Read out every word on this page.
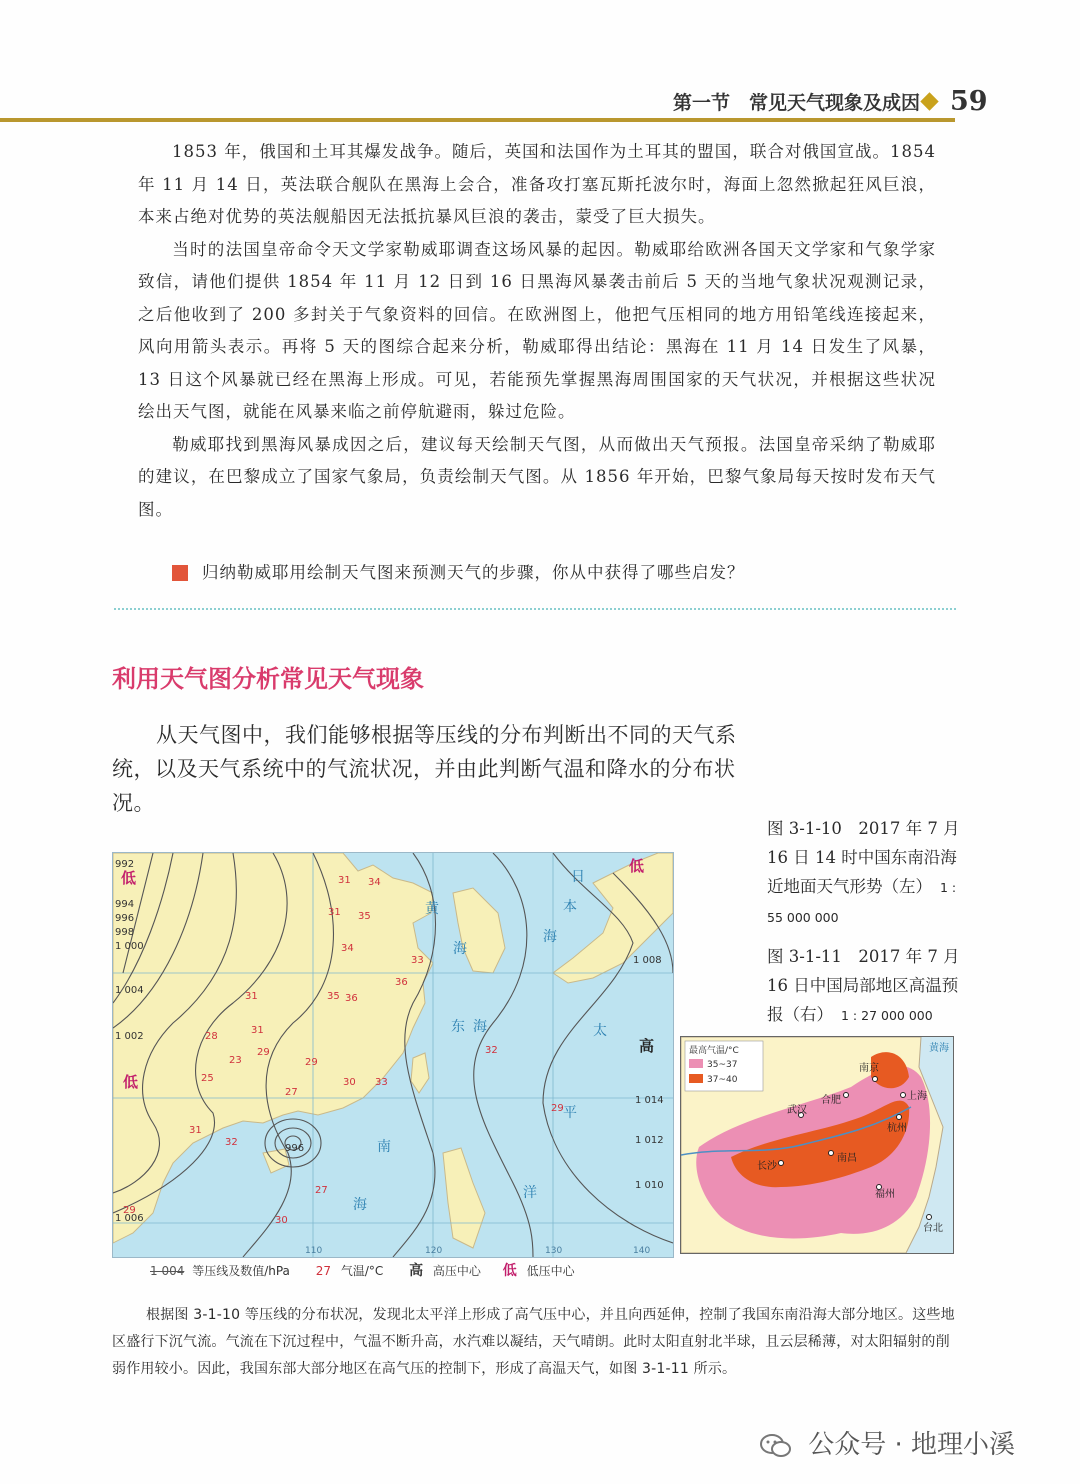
第一节　常见天气现象及成因 59

1853 年，俄国和土耳其爆发战争。随后，英国和法国作为土耳其的盟国，联合对俄国宣战。1854 年 11 月 14 日，英法联合舰队在黑海上会合，准备攻打塞瓦斯托波尔时，海面上忽然掀起狂风巨浪，本来占绝对优势的英法舰船因无法抵抗暴风巨浪的袭击，蒙受了巨大损失。

当时的法国皇帝命令天文学家勒威耶调查这场风暴的起因。勒威耶给欧洲各国天文学家和气象学家致信，请他们提供 1854 年 11 月 12 日到 16 日黑海风暴袭击前后 5 天的当地气象状况观测记录，之后他收到了 200 多封关于气象资料的回信。在欧洲图上，他把气压相同的地方用铅笔线连接起来，风向用箭头表示。再将 5 天的图综合起来分析，勒威耶得出结论：黑海在 11 月 14 日发生了风暴，13 日这个风暴就已经在黑海上形成。可见，若能预先掌握黑海周围国家的天气状况，并根据这些状况绘出天气图，就能在风暴来临之前停航避雨，躲过危险。

勒威耶找到黑海风暴成因之后，建议每天绘制天气图，从而做出天气预报。法国皇帝采纳了勒威耶的建议，在巴黎成立了国家气象局，负责绘制天气图。从 1856 年开始，巴黎气象局每天按时发布天气图。

归纳勒威耶用绘制天气图来预测天气的步骤，你从中获得了哪些启发？
利用天气图分析常见天气现象
从天气图中，我们能够根据等压线的分布判断出不同的天气系统，以及天气系统中的气流状况，并由此判断气温和降水的分布状况。
图 3-1-10　2017 年 7 月 16 日 14 时中国东南沿海近地面天气形势（左） 1 : 55 000 000
图 3-1-11　2017 年 7 月 16 日中国局部地区高温预报（右） 1 : 27 000 000
992
994
996
998
1 000
1 002
1 004
1 006
1 008
1 012
1 014
1 010
日
本
海
黄
海
东 海
南
海
太
平
洋
低
低
低
高
996
31 34
31 35
34
36
32
33
31	35 36
28
31
25
23
29
27
29
30 33
32
31
27
29
30
29
110	120	130	140
最高气温/°C
35~37
37~40
南京
合肥	上海
武汉
杭州
长沙
南昌
福州
台北
黄海
1 004 等压线及数值/hPa 27 气温/°C 高 高压中心 低 低压中心
根据图 3-1-10 等压线的分布状况，发现北太平洋上形成了高气压中心，并且向西延伸，控制了我国东南沿海大部分地区。这些地区盛行下沉气流。气流在下沉过程中，气温不断升高，水汽难以凝结，天气晴朗。此时太阳直射北半球，且云层稀薄，对太阳辐射的削弱作用较小。因此，我国东部大部分地区在高气压的控制下，形成了高温天气，如图 3-1-11 所示。
公众号 · 地理小溪
